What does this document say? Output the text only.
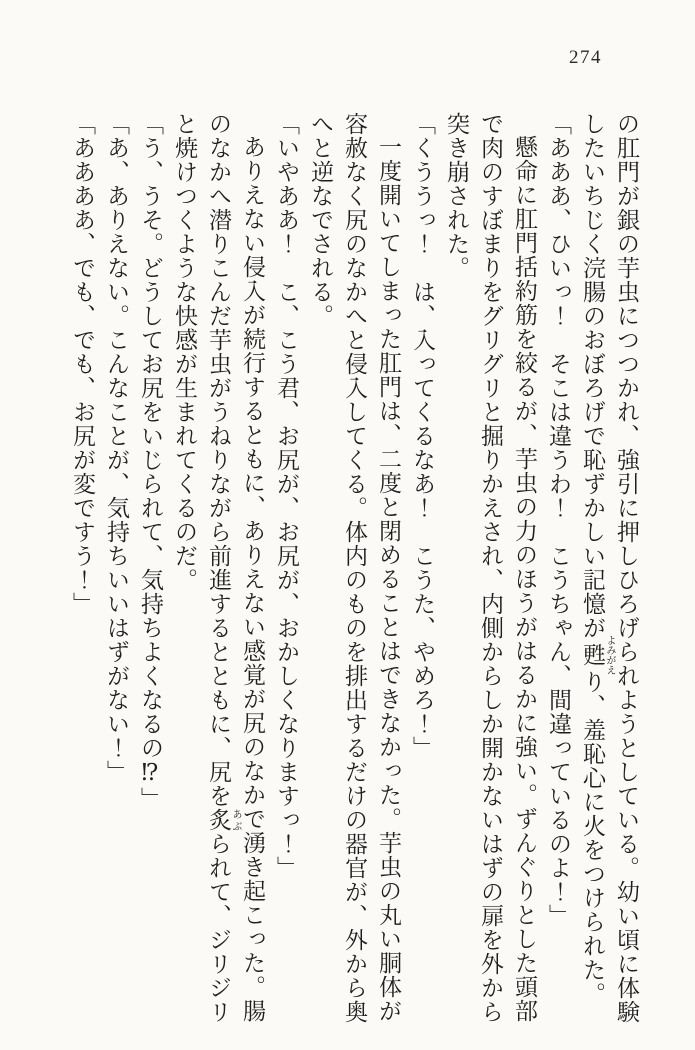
274

の肛門が銀の芋虫につつかれ、強引に押しひろげられようとしている。幼い頃に体験したいちじく浣腸のおぼろげで恥ずかしい記憶が甦 よみがえり、羞恥心に火をつけられた。

「あああ、ひいっ！　そこは違うわ！　こうちゃん、間違っているのよ！」

懸命に肛門括約筋を絞るが、芋虫の力のほうがはるかに強い。ずんぐりとした頭部で肉のすぼまりをグリグリと掘りかえされ、内側からしか開かないはずの扉を外から突き崩された。

「くううっ！　は、入ってくるなあ！　こうた、やめろ！」

一度開いてしまった肛門は、二度と閉めることはできなかった。芋虫の丸い胴体が容赦なく尻のなかへと侵入してくる。体内のものを排出するだけの器官が、外から奥へと逆なでされる。

「いやああ！　こ、こう君、お尻が、お尻が、おかしくなりますっ！」

ありえない侵入が続行するともに、ありえない感覚が尻のなかで湧き起こった。腸のなかへ潜りこんだ芋虫がうねりながら前進するとともに、尻を炙 あぶられて、ジリジリと焼けつくような快感が生まれてくるのだ。

「う、うそ。どうしてお尻をいじられて、気持ちよくなるの⁉」

「あ、ありえない。こんなことが、気持ちいいはずがない！」

「ああああ、でも、でも、お尻が変ですう！」
